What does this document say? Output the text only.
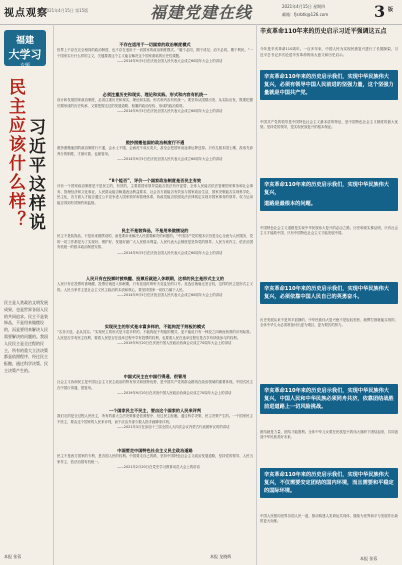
视点观察
2021年4月15日 第15版	福建党建在线	2021年4月15日 星期四
邮箱：fjsrbtk@126.com	3 版
福建
大学习
专题
民主应该什么样？ 习近平这样说
民主是人类政治文明发展成果，也是世界各国人民的共同追求。民主不是装饰品，不是用来做摆设的，而是要用来解决人民需要解决的问题的。我国人民民主是全过程的民主，所有的重大立法决策都是依照程序、经过民主酝酿，通过科学决策、民主决策产生的。
本报 张蓉
不存在适用于一切国家的政治制度模式
世界上不存在完全相同的政治制度，也不存在适用于一切国家的政治制度模式。“履不必同，期于适足；治不必同，期于利民。”一个国家实行什么样的主义，关键要看这个主义能否解决这个国家面临的历史性课题。
——2014年9月5日在庆祝全国人民代表大会成立60周年大会上的讲话
必须注重历史和现实、理论和实践、形式和内容有机统一
设计和发展国家政治制度，必须注重历史和现实、理论和实践、形式和内容有机统一。要坚持从国情出发、从实际出发，既要把握长期形成的历史传承，又要把握走过的发展道路、积累的政治经验、形成的政治原则。
——2014年9月5日在庆祝全国人民代表大会成立60周年大会上的讲话
照抄照搬他国的政治制度行不通
照抄照搬他国的政治制度行不通，会水土不服，会画虎不成反类犬，甚至会把国家前途命运葬送掉。只有扎根本国土壤、汲取充沛养分的制度，才最可靠、也最管用。
——2014年9月5日在庆祝全国人民代表大会成立60周年大会上的讲话
“8个能否”，评价一个国家政治制度是否民主有效
评价一个国家政治制度是不是民主的、有效的，主要看国家领导层能否依法有序更替，全体人民能否依法管理国家事务和社会事务、管理经济和文化事业，人民群众能否畅通表达利益要求，社会各方面能否有效参与国家政治生活，国家决策能否实现科学化、民主化，各方面人才能否通过公平竞争进入国家领导和管理体系，执政党能否依照宪法法律规定实现对国家事务的领导，权力运用能否得到有效制约和监督。
民主不是装饰品，不是用来做摆设的
民主不是装饰品，不是用来做摆设的，而是要用来解决人民需要解决的问题的。“中国共产党的根本宗旨是全心全意为人民服务，党的一切工作都是为了实现好、维护好、发展好最广大人民根本利益。人民代表大会制度是坚持党的领导、人民当家作主、依法治国有机统一的根本政治制度安排。
——2014年9月5日在庆祝全国人民代表大会成立60周年大会上的讲话
人民只有在投票时被唤醒、投票后就进入休眠期，这样的民主是形式主义的
人民只有在投票时被唤醒、投票后就进入休眠期，只有竞选时聆听天花乱坠的口号、竞选后就毫无发言权，这样的民主是形式主义的。人民当家作主是社会主义民主政治的本质和核心，要坚持国家一切权力属于人民。
——2014年9月5日在庆祝全国人民代表大会成立60周年大会上的讲话
实现民主的形式是丰富多样的，不能拘泥于刻板的模式
“名非天造，必从其实。”实现民主的形式是丰富多样的，不能拘泥于刻板的模式，更不能说只有一种放之四海而皆准的评判标准。人民是否享有民主权利，要看人民是否在选举过程中享有投票的权利，也要看人民在选举过程后是否享有持续参与的权利。
——2019年9月20日在庆祝中国人民政治协商会议成立70周年大会上的讲话
中国式民主在中国行得通、很管用
社会主义协商民主是中国社会主义民主政治的特有形式和独特优势，是中国共产党的群众路线在政治领域的重要体现。中国式民主在中国行得通、很管用。
——2019年9月20日在庆祝中国人民政治协商会议成立70周年大会上的讲话
一个国家民主不民主，要由这个国家的人民来评判
我们走的是全过程人民民主，所有的重大立法决策都是依照程序、经过民主酝酿，通过科学决策、民主决策产生的。一个国家民主不民主，要由这个国家的人民来评判，而不应由外部少数人指手画脚来评判。
——2021年3月在参加十三届全国人大四次会议内蒙古代表团审议时的讲话
中国要走中国特色社会主义民主政治道路
民主不是西方国家的专利，是各国人民的权利。中国要走自己的路，坚持中国特色社会主义政治发展道路，坚持党的领导、人民当家作主、依法治国有机统一。
——2021年2月20日在党史学习教育动员大会上的讲话
本报 龙晓辉
辛亥革命110年来的历史启示习近平强调这五点
今年是辛亥革命110周年。一百多年来，中国人民为实现民族复兴进行了长期探索，习近平总书记多次论述辛亥革命的伟大意义和历史启示。
辛亥革命110年来的历史启示我们，实现中华民族伟大复兴，必须有领导中国人民前进的坚强力量，这个坚强力量就是中国共产党。
中国共产党的领导是中国特色社会主义最本质的特征，是中国特色社会主义制度的最大优势。坚持党的领导，是实现民族复兴的根本保证。
辛亥革命110年来的历史启示我们，实现中华民族伟大复兴，
道路是最根本的问题。
中国特色社会主义道路是实现中华民族伟大复兴的必由之路。历史和现实都证明，只有社会主义才能救中国，只有中国特色社会主义才能发展中国。
辛亥革命110年来的历史启示我们，实现中华民族伟大复兴，必须依靠中国人民自己的英勇奋斗。
历史发展从来不是风平浪静的，中华民族伟大复兴绝不是轻轻松松、敲锣打鼓就能实现的，全体中华儿女必须准备付出更为艰巨、更为艰苦的努力。
辛亥革命110年来的历史启示我们，实现中华民族伟大复兴，中国人民和中华民族必须同舟共济，依靠团结战胜前进道路上一切风险挑战。
团结就是力量，团结才能胜利。全体中华儿女要在民族复兴的伟大旗帜下团结起来，共同创造中华民族美好未来。
辛亥革命110年来的历史启示我们，实现中华民族伟大复兴，不仅需要安定团结的国内环境，而且需要和平稳定的国际环境。
中国人民愿同世界各国人民一道，推动构建人类命运共同体，继续为世界和平与发展作出新的更大贡献。
本报 张蓉
